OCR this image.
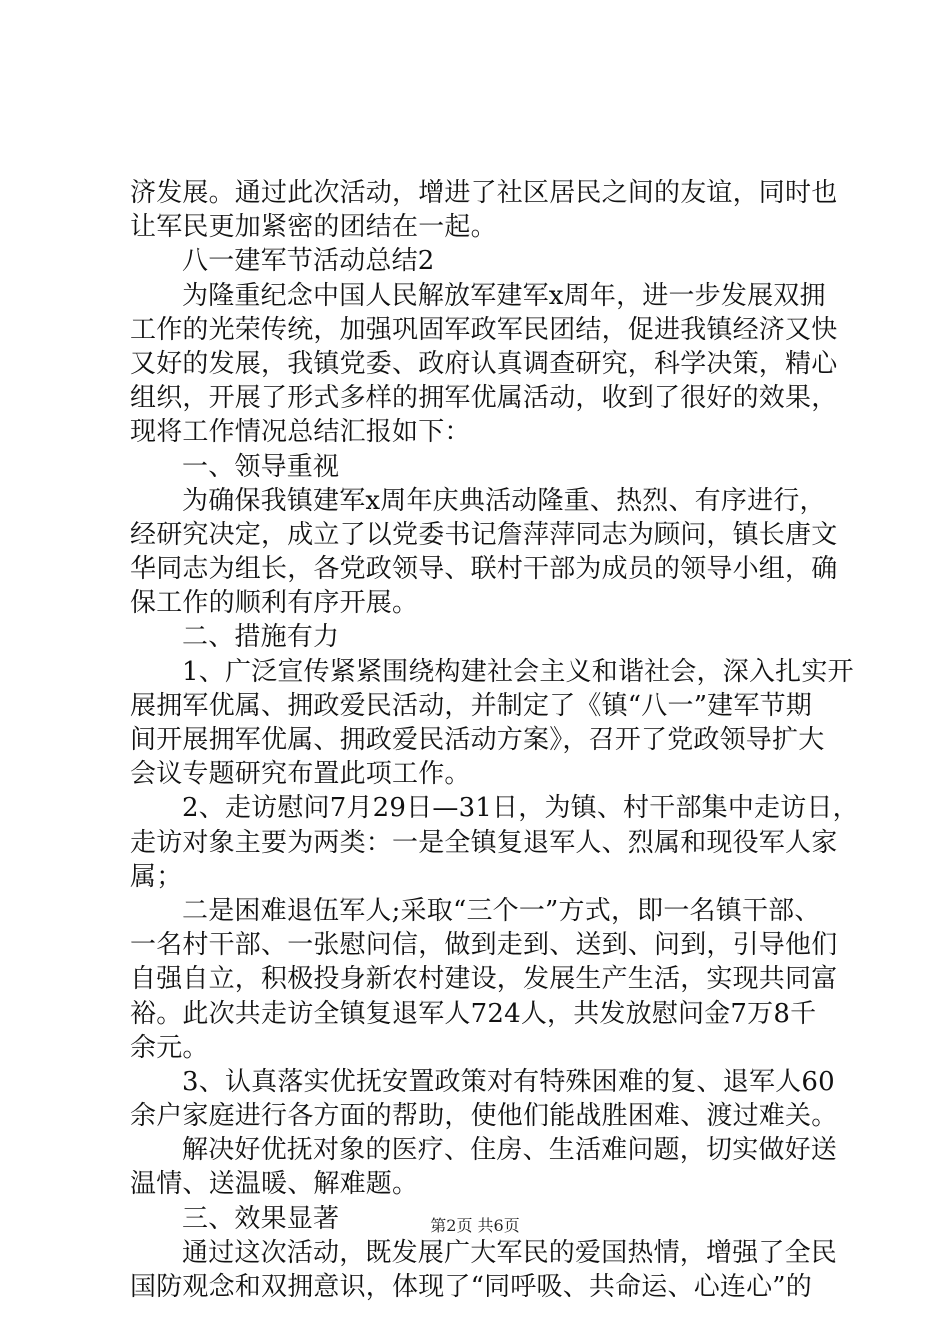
济发展。通过此次活动，增进了社区居民之间的友谊，同时也
让军民更加紧密的团结在一起。
八一建军节活动总结2
为隆重纪念中国人民解放军建军x周年，进一步发展双拥
工作的光荣传统，加强巩固军政军民团结，促进我镇经济又快
又好的发展，我镇党委、政府认真调查研究，科学决策，精心
组织，开展了形式多样的拥军优属活动，收到了很好的效果，
现将工作情况总结汇报如下：
一、领导重视
为确保我镇建军x周年庆典活动隆重、热烈、有序进行，
经研究决定，成立了以党委书记詹萍萍同志为顾问，镇长唐文
华同志为组长，各党政领导、联村干部为成员的领导小组，确
保工作的顺利有序开展。
二、措施有力
1、广泛宣传紧紧围绕构建社会主义和谐社会，深入扎实开
展拥军优属、拥政爱民活动，并制定了《镇“八一”建军节期
间开展拥军优属、拥政爱民活动方案》，召开了党政领导扩大
会议专题研究布置此项工作。
2、走访慰问7月29日—31日，为镇、村干部集中走访日，
走访对象主要为两类：一是全镇复退军人、烈属和现役军人家
属；
二是困难退伍军人;采取“三个一”方式，即一名镇干部、
一名村干部、一张慰问信，做到走到、送到、问到，引导他们
自强自立，积极投身新农村建设，发展生产生活，实现共同富
裕。此次共走访全镇复退军人724人，共发放慰问金7万8千
余元。
3、认真落实优抚安置政策对有特殊困难的复、退军人60
余户家庭进行各方面的帮助，使他们能战胜困难、渡过难关。
解决好优抚对象的医疗、住房、生活难问题，切实做好送
温情、送温暖、解难题。
三、效果显著
通过这次活动，既发展广大军民的爱国热情，增强了全民
国防观念和双拥意识，体现了“同呼吸、共命运、心连心”的
第2页 共6页
